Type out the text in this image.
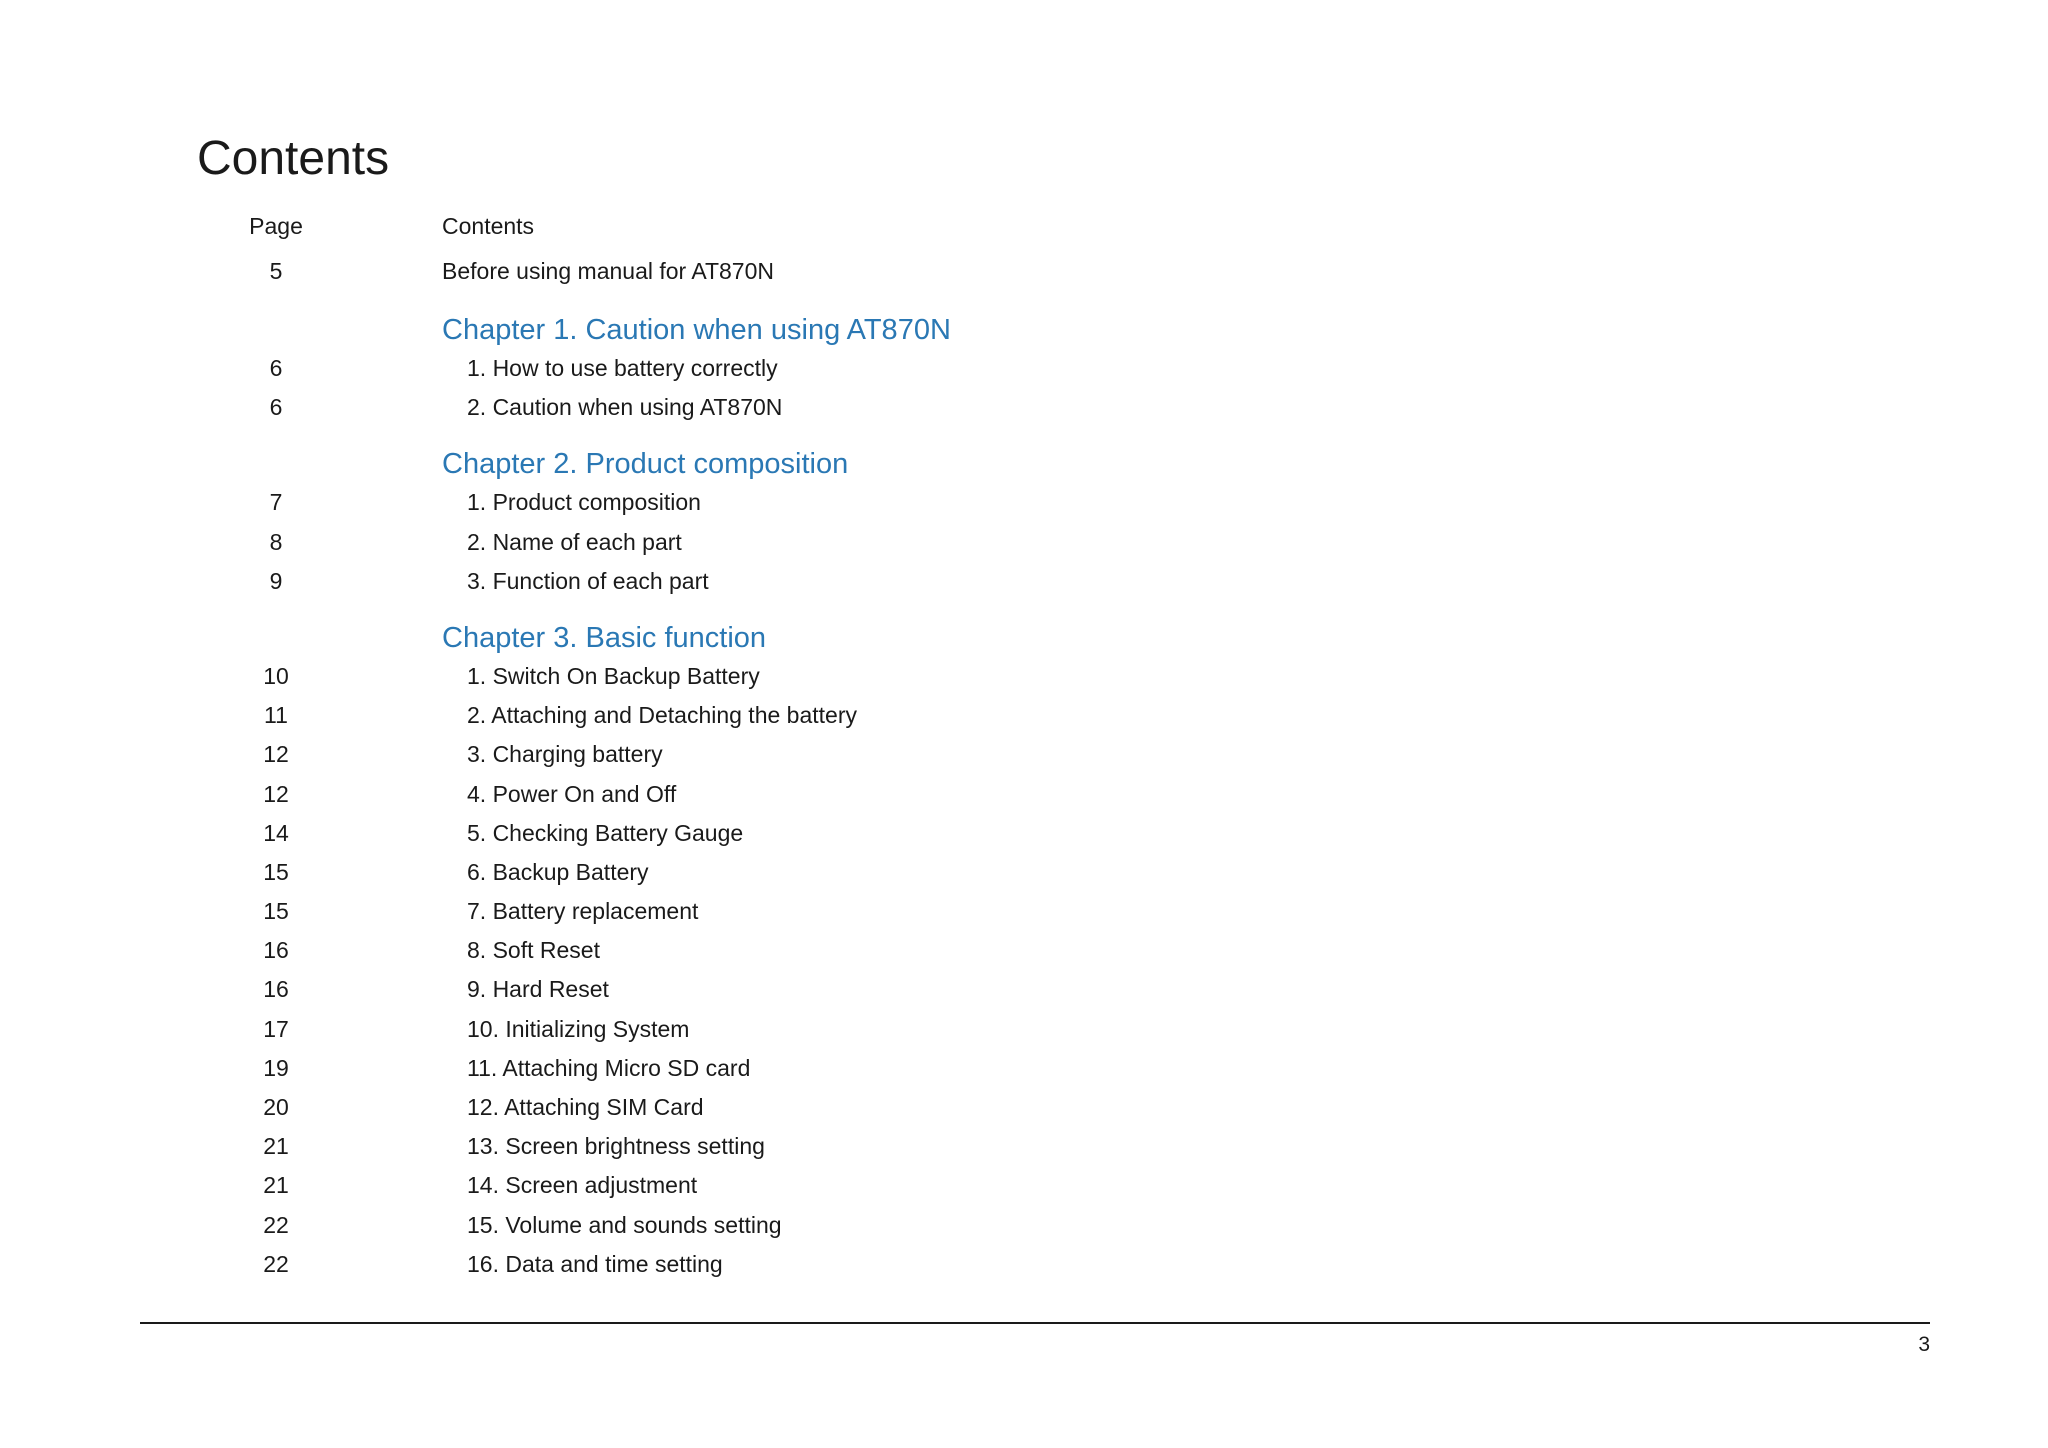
Contents
Page	Contents
5	Before using manual for AT870N
Chapter 1. Caution when using AT870N
6	1. How to use battery correctly
6	2. Caution when using AT870N
Chapter 2. Product composition
7	1. Product composition
8	2. Name of each part
9	3. Function of each part
Chapter 3. Basic function
10	1. Switch On Backup Battery
11	2. Attaching and Detaching the battery
12	3. Charging battery
12	4. Power On and Off
14	5. Checking Battery Gauge
15	6. Backup Battery
15	7. Battery replacement
16	8. Soft Reset
16	9. Hard Reset
17	10. Initializing System
19	11. Attaching Micro SD card
20	12. Attaching SIM Card
21	13. Screen brightness setting
21	14. Screen adjustment
22	15. Volume and sounds setting
22	16. Data and time setting
3
